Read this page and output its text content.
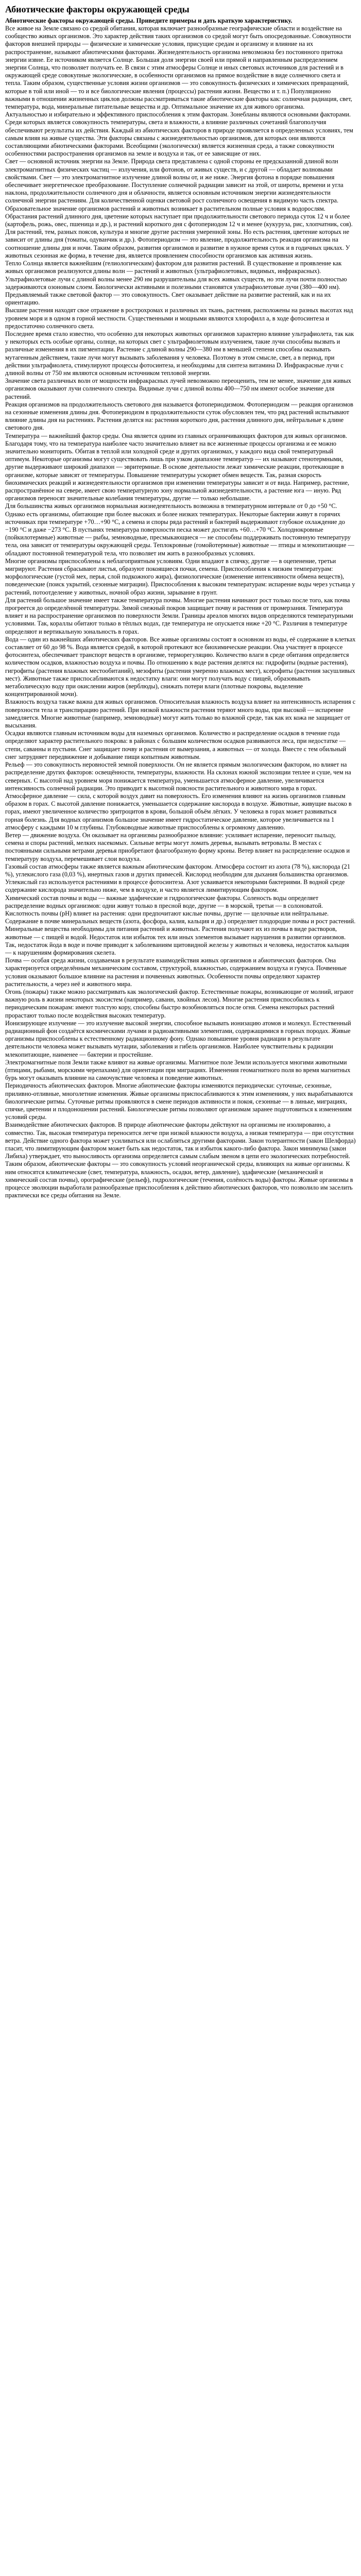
Абиотические факторы окружающей среды
Абиотические факторы окружающей среды. Приведите примеры и дать краткую характеристику.

Все живое на Земле связано со средой обитания, которая включает разнообразные географические области и воздействие на сообщество живых организмов. Это характер действия таких организмов со средой могут быть опосредованные. Совокупности факторов внешней природы — физические и химические условия, присущие средам и организму и влияние на их распространение, называют абиотическими факторами. Жизнедеятельность организма невозможна без постоянного притока энергии извне. Ее источником является Солнце. Большая доля энергии своей или прямой и направленным распределением энергии Солнца, что позволяет получать ее. В связи с этим атмосферы Солнце и иных световых источников для растений и в окружающей среде совокупные экологические, в особенности организмов на прямое воздействие в виде солнечного света и тепла. Таким образом, существенные условия жизни организмов — это совокупность физических и химических превращений, которые в той или иной — то и все биологические явления (процессы) растения жизни. Вещество и т. п.) Популяционно важными в отношении жизненных циклов должны рассматриваться такие абиотические факторы как: солнечная радиация, свет, температура, вода, минеральные питательные вещества и др. Оптимальное значение их для живого организма.

Актуальностью и избирательно и эффективного приспособления к этим факторам. Зонебланы являются основными факторами. Среди которых является совокупность температуры, света и влажности, а влияние различных сочетаний благополучия обеспечивают результаты их действия. Каждый из абиотических факторов в природе проявляется в определенных условиях, тем самым влияя на живые существа. Эти факторы связаны с жизнедеятельностью организмов, для которых они являются составляющими абиотическими факторами. Всеобщими (экологически) является жизненная среда, а также совокупности особенностями распространения организмов на земле и воздуха и так, от ее зависящие от них.

Свет — основной источник энергии на Земле. Природа света представлена с одной стороны ее предсказанной длиной волн электромагнитных физических частиц — излучения, или фотонов, от живых существ, и с другой — обладает волновыми свойствами. Свет — это электромагнитное излучение длиной волны от, и же ниже. Энергия фотона в порядке повышения обеспечивает энергетическое преобразование. Поступление солнечной радиации зависит на этой, от широты, времени и угла наклона, продолжительности солнечного дня и облачности, является основным источником энергии жизнедеятельности солнечной энергии растениям. Для количественной оценки световой рост солнечного освещения в видимую часть спектра. Образовательное значение организмов растений и животных возникает в растительном полные условия к водорослям. Обрастания растений длинного дня, цветение которых наступает при продолжительности светового периода суток 12 ч и более (картофель, рожь, овес, пшеница и др.), и растений короткого дня с фотопериодом 12 ч и менее (кукуруза, рис, хлопчатник, соя). Для растений, тем, разных поясов, культура и многие другие растения умеренной зоны. Но есть растения, цветение которых не зависит от длины дня (томаты, одуванчик и др.). Фотопериодизм — это явление, продолжительность реакция организма на соотношение длины дня и ночи. Таким образом, развития организмов и развитие в нужное время суток и в годичных циклах. У животных сезонная же форма, в течение дня, является проявлением способности организмов как активная жизнь.

Тепло Солнца является важнейшим (гелиологическим) фактором для развития растений. В существование и проявление как живых организмов реализуются длины волн — растений и животных (ультрафиолетовых, видимых, инфракрасных). Ультрафиолетовые лучи с длиной волны менее 290 нм разрушительны для всех живых существ, но эти лучи почти полностью задерживаются озоновым слоем. Биологически активными и полезными становятся ультрафиолетовые лучи (380—400 нм). Предъявляемый также световой фактор — это совокупность. Свет оказывает действие на развитие растений, как и на их ориентацию.

Высшие растения находят свое отражение в рострохромах и различных их ткань, растения, расположены на разных высотах над уровнем моря и в одном в горной местности. Существенными и мощными являются хлорофилл а, в ходе фотосинтеза и предостаточно солнечного света.

Последнее время стало известно, что особенно для некоторых животных организмов характерно влияние ультрафиолета, так как у некоторых есть особые органы, солнце, на которых свет с ультрафиолетовым излучением, такие лучи способны вызвать и различные изменения в их пигментации. Растение с длиной волны 290—380 нм в меньшей степени способны оказывать мутагенным действием, такие лучи могут вызывать заболевания у человека. Поэтому в этом смысле, свет, а в период, при действии ультрафиолета, стимулируют процессы фотосинтеза, и необходимы для синтеза витамина D. Инфракрасные лучи с длиной волны от 750 нм являются основным источником тепловой энергии.

Значение света различных волн от мощности инфракрасных лучей невозможно переоценить, тем не менее, значение для живых организмов оказывают лучи солнечного спектра. Видимые лучи с длиной волны 400—750 нм имеют особое значение для растений.

Реакция организмов на продолжительность светового дня называется фотопериодизмом. Фотопериодизм — реакция организмов на сезонные изменения длины дня. Фотопериодизм в продолжительности суток обусловлен тем, что ряд растений испытывают влияние длины дня на растениях. Растения делятся на: растения короткого дня, растения длинного дня, нейтральные к длине светового дня.

Температура — важнейший фактор среды. Она является одним из главных ограничивающих факторов для живых организмов. Благодаря тому, что на температура наиболее часто значительно влияет на все жизненные процессы организма и ее можно значительно мониторить. Обитая в теплой или холодной среде и других организмах, у каждого вида свой температурный оптимум. Некоторые организмы могут существовать лишь при узком диапазоне температур — их называют стенотермными, другие выдерживают широкий диапазон — эвритермные. В основе деятельности лежат химические реакции, протекающие в организме, которые зависят от температуры. Повышение температуры ускоряет обмен веществ. Так, разная скорость биохимических реакций и жизнедеятельности организмов при изменении температуры зависит и от вида. Например, растение, распространённое на севере, имеет свою температурную зону нормальной жизнедеятельности, а растение юга — иную. Ряд организмов переносят значительные колебания температуры, другие — только небольшие.

Для большинства живых организмов нормальная жизнедеятельность возможна в температурном интервале от 0 до +50 °С. Однако есть организмы, обитающие при более высоких и более низких температурах. Некоторые бактерии живут в горячих источниках при температуре +70…+90 °С, а семена и споры ряда растений и бактерий выдерживают глубокое охлаждение до −190 °С и даже −273 °С. В пустынях температура поверхности песка может достигать +60…+70 °С. Холоднокровные (пойкилотермные) животные — рыбы, земноводные, пресмыкающиеся — не способны поддерживать постоянную температуру тела, она зависит от температуры окружающей среды. Теплокровные (гомойотермные) животные — птицы и млекопитающие — обладают постоянной температурой тела, что позволяет им жить в разнообразных условиях.

Многие организмы приспособлены к неблагоприятным условиям. Одни впадают в спячку, другие — в оцепенение, третьи мигрируют. Растения сбрасывают листья, образуют покоящиеся почки, семена. Приспособления к низким температурам: морфологические (густой мех, перья, слой подкожного жира), физиологические (изменение интенсивности обмена веществ), поведенческие (поиск укрытий, сезонные миграции). Приспособления к высоким температурам: испарение воды через устьица у растений, потоотделение у животных, ночной образ жизни, зарывание в грунт.

Для растений большое значение имеет также температура почвы. Многие растения начинают рост только после того, как почва прогреется до определённой температуры. Зимой снежный покров защищает почву и растения от промерзания. Температура влияет и на распространение организмов по поверхности Земли. Границы ареалов многих видов определяются температурными условиями. Так, кораллы обитают только в тёплых водах, где температура не опускается ниже +20 °С. Различия в температуре определяют и вертикальную зональность в горах.

Вода — один из важнейших абиотических факторов. Все живые организмы состоят в основном из воды, её содержание в клетках составляет от 60 до 98 %. Вода является средой, в которой протекают все биохимические реакции. Она участвует в процессе фотосинтеза, обеспечивает транспорт веществ в организме, терморегуляцию. Количество влаги в среде обитания определяется количеством осадков, влажностью воздуха и почвы. По отношению к воде растения делятся на: гидрофиты (водные растения), гигрофиты (растения влажных местообитаний), мезофиты (растения умеренно влажных мест), ксерофиты (растения засушливых мест). Животные также приспосабливаются к недостатку влаги: они могут получать воду с пищей, образовывать метаболическую воду при окислении жиров (верблюды), снижать потери влаги (плотные покровы, выделение концентрированной мочи).

Влажность воздуха также важна для живых организмов. Относительная влажность воздуха влияет на интенсивность испарения с поверхности тела и транспирацию растений. При низкой влажности растения теряют много воды, при высокой — испарение замедляется. Многие животные (например, земноводные) могут жить только во влажной среде, так как их кожа не защищает от высыхания.

Осадки являются главным источником воды для наземных организмов. Количество и распределение осадков в течение года определяют характер растительного покрова: в районах с большим количеством осадков развиваются леса, при недостатке — степи, саванны и пустыни. Снег защищает почву и растения от вымерзания, а животных — от холода. Вместе с тем обильный снег затрудняет передвижение и добывание пищи копытным животным.

Рельеф — это совокупность неровностей земной поверхности. Он не является прямым экологическим фактором, но влияет на распределение других факторов: освещённости, температуры, влажности. На склонах южной экспозиции теплее и суше, чем на северных. С высотой над уровнем моря понижается температура, уменьшается атмосферное давление, увеличивается интенсивность солнечной радиации. Это приводит к высотной поясности растительного и животного мира в горах.

Атмосферное давление — сила, с которой воздух давит на поверхность. Его изменения влияют на жизнь организмов главным образом в горах. С высотой давление понижается, уменьшается содержание кислорода в воздухе. Животные, живущие высоко в горах, имеют увеличенное количество эритроцитов в крови, большой объём лёгких. У человека в горах может развиваться горная болезнь. Для водных организмов большое значение имеет гидростатическое давление, которое увеличивается на 1 атмосферу с каждыми 10 м глубины. Глубоководные животные приспособлены к огромному давлению.

Ветер — движение воздуха. Он оказывает на организмы разнообразное влияние: усиливает испарение, переносит пыльцу, семена и споры растений, мелких насекомых. Сильные ветры могут ломать деревья, вызывать ветровалы. В местах с постоянными сильными ветрами деревья приобретают флагообразную форму кроны. Ветер влияет на распределение осадков и температуру воздуха, перемешивает слои воздуха.

Газовый состав атмосферы также является важным абиотическим фактором. Атмосфера состоит из азота (78 %), кислорода (21 %), углекислого газа (0,03 %), инертных газов и других примесей. Кислород необходим для дыхания большинства организмов. Углекислый газ используется растениями в процессе фотосинтеза. Азот усваивается некоторыми бактериями. В водной среде содержание кислорода значительно ниже, чем в воздухе, и часто является лимитирующим фактором.

Химический состав почвы и воды — важные эдафические и гидрологические факторы. Соленость воды определяет распределение водных организмов: одни живут только в пресной воде, другие — в морской, третьи — в солоноватой. Кислотность почвы (pH) влияет на растения: одни предпочитают кислые почвы, другие — щелочные или нейтральные. Содержание в почве минеральных веществ (азота, фосфора, калия, кальция и др.) определяет плодородие почвы и рост растений.

Минеральные вещества необходимы для питания растений и животных. Растения получают их из почвы в виде растворов, животные — с пищей и водой. Недостаток или избыток тех или иных элементов вызывает нарушения в развитии организмов. Так, недостаток йода в воде и почве приводит к заболеваниям щитовидной железы у животных и человека, недостаток кальция — к нарушениям формирования скелета.

Почва — особая среда жизни, создаваемая в результате взаимодействия живых организмов и абиотических факторов. Она характеризуется определённым механическим составом, структурой, влажностью, содержанием воздуха и гумуса. Почвенные условия оказывают большое влияние на растения и почвенных животных. Особенности почвы определяют характер растительности, а через неё и животного мира.

Огонь (пожары) также можно рассматривать как экологический фактор. Естественные пожары, возникающие от молний, играют важную роль в жизни некоторых экосистем (например, саванн, хвойных лесов). Многие растения приспособились к периодическим пожарам: имеют толстую кору, способны быстро возобновляться после огня. Семена некоторых растений прорастают только после воздействия высоких температур.

Ионизирующее излучение — это излучение высокой энергии, способное вызывать ионизацию атомов и молекул. Естественный радиационный фон создаётся космическими лучами и радиоактивными элементами, содержащимися в горных породах. Живые организмы приспособлены к естественному радиационному фону. Однако повышение уровня радиации в результате деятельности человека может вызывать мутации, заболевания и гибель организмов. Наиболее чувствительны к радиации млекопитающие, наименее — бактерии и простейшие.

Электромагнитные поля Земли также влияют на живые организмы. Магнитное поле Земли используется многими животными (птицами, рыбами, морскими черепахами) для ориентации при миграциях. Изменения геомагнитного поля во время магнитных бурь могут оказывать влияние на самочувствие человека и поведение животных.

Периодичность абиотических факторов. Многие абиотические факторы изменяются периодически: суточные, сезонные, приливно-отливные, многолетние изменения. Живые организмы приспосабливаются к этим изменениям, у них вырабатываются биологические ритмы. Суточные ритмы проявляются в смене периодов активности и покоя, сезонные — в линьке, миграциях, спячке, цветении и плодоношении растений. Биологические ритмы позволяют организмам заранее подготовиться к изменениям условий среды.

Взаимодействие абиотических факторов. В природе абиотические факторы действуют на организмы не изолированно, а совместно. Так, высокая температура переносится легче при низкой влажности воздуха, а низкая температура — при отсутствии ветра. Действие одного фактора может усиливаться или ослабляться другими факторами. Закон толерантности (закон Шелфорда) гласит, что лимитирующим фактором может быть как недостаток, так и избыток какого-либо фактора. Закон минимума (закон Либиха) утверждает, что выносливость организма определяется самым слабым звеном в цепи его экологических потребностей.

Таким образом, абиотические факторы — это совокупность условий неорганической среды, влияющих на живые организмы. К ним относятся климатические (свет, температура, влажность, осадки, ветер, давление), эдафические (механический и химический состав почвы), орографические (рельеф), гидрологические (течения, солёность воды) факторы. Живые организмы в процессе эволюции выработали разнообразные приспособления к действию абиотических факторов, что позволило им заселить практически все среды обитания на Земле.
